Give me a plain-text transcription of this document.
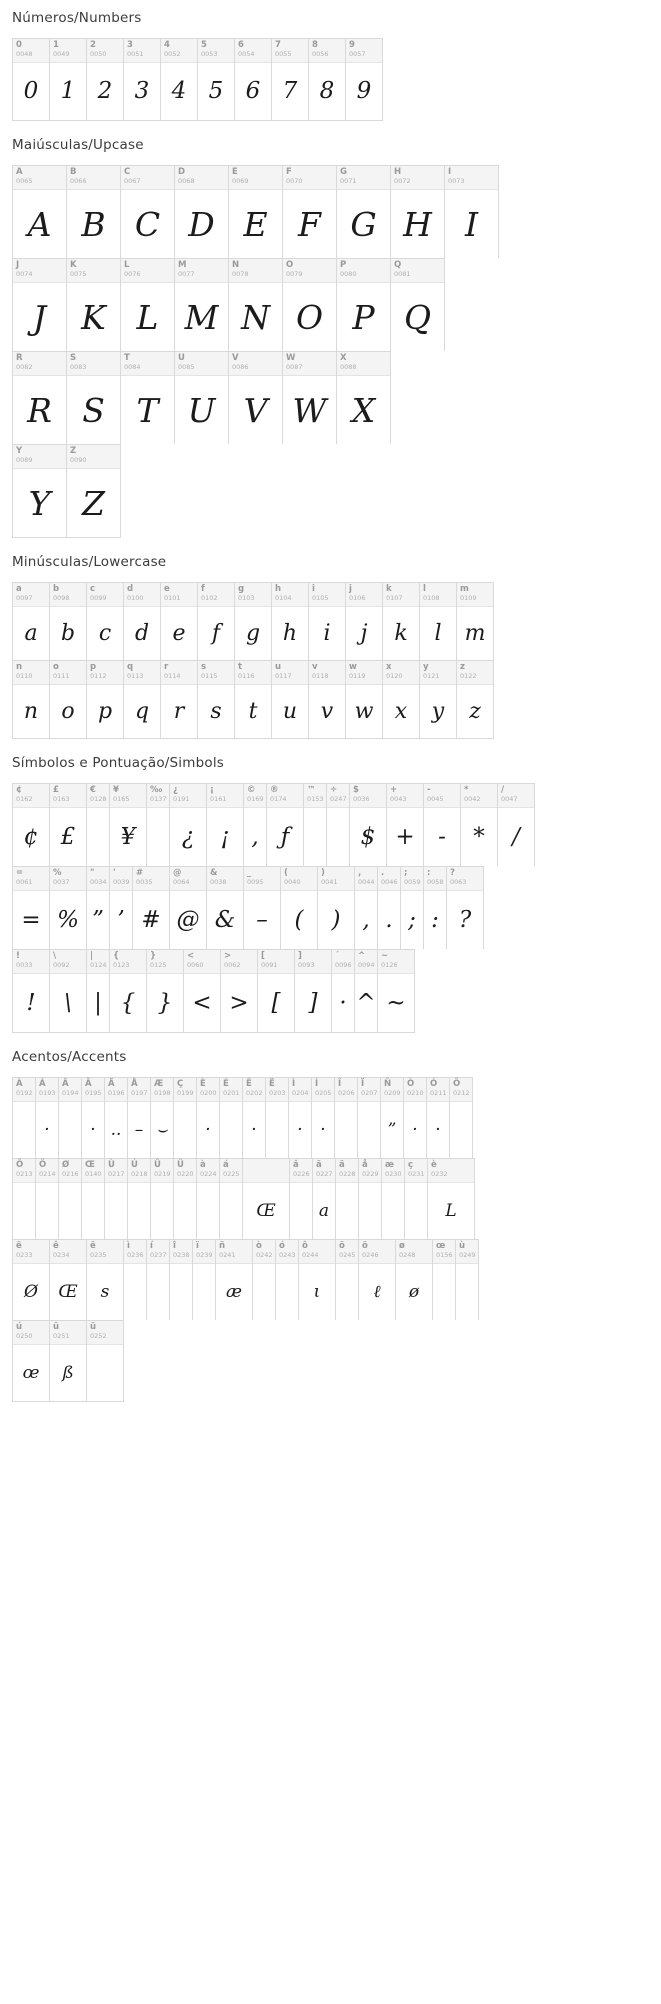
Números/Numbers
0
0048
0
1
0049
1
2
0050
2
3
0051
3
4
0052
4
5
0053
5
6
0054
6
7
0055
7
8
0056
8
9
0057
9
Maiúsculas/Upcase
A
0065
A
B
0066
B
C
0067
C
D
0068
D
E
0069
E
F
0070
F
G
0071
G
H
0072
H
I
0073
I
J
0074
J
K
0075
K
L
0076
L
M
0077
M
N
0078
N
O
0079
O
P
0080
P
Q
0081
Q
R
0082
R
S
0083
S
T
0084
T
U
0085
U
V
0086
V
W
0087
W
X
0088
X
Y
0089
Y
Z
0090
Z
Minúsculas/Lowercase
a
0097
a
b
0098
b
c
0099
c
d
0100
d
e
0101
e
f
0102
f
g
0103
g
h
0104
h
i
0105
i
j
0106
j
k
0107
k
l
0108
l
m
0109
m
n
0110
n
o
0111
o
p
0112
p
q
0113
q
r
0114
r
s
0115
s
t
0116
t
u
0117
u
v
0118
v
w
0119
w
x
0120
x
y
0121
y
z
0122
z
Símbolos e Pontuação/Simbols
¢
0162
¢
£
0163
£
€
0128
¥
0165
¥
‰
0137
¿
0191
¿
¡
0161
¡
©
0169
,
®
0174
ƒ
™
0153
÷
0247
$
0036
$
+
0043
+
-
0045
-
*
0042
*
/
0047
/
=
0061
=
%
0037
%
"
0034
”
'
0039
’
#
0035
#
@
0064
@
&
0038
&
_
0095
–
(
0040
(
)
0041
)
,
0044
,
.
0046
.
;
0059
;
:
0058
:
?
0063
?
!
0033
!
\
0092
\
|
0124
|
{
0123
{
}
0125
}
<
0060
<
>
0062
>
[
0091
[
]
0093
]
´
0096
·
^
0094
^
~
0126
~
Acentos/Accents
À
0192
Á
0193
·
Â
0194
Ã
0195
·
Ä
0196
..
Å
0197
–
Æ
0198
⌣
Ç
0199
È
0200
·
É
0201
Ê
0202
·
Ë
0203
Ì
0204
·
Í
0205
·
Î
0206
Ï
0207
Ñ
0209
”
Ò
0210
·
Ó
0211
·
Ô
0212
Õ
0213
Ö
0214
Ø
0216
Œ
0140
Ù
0217
Ú
0218
Û
0219
Ü
0220
à
0224
á
0225
Œ
â
0226
ã
0227
a
ä
0228
å
0229
æ
0230
ç
0231
è
0232
L
ë
0233
Ø
ê
0234
Œ
ë
0235
s
ì
0236
í
0237
î
0238
ï
0239
ñ
0241
æ
ò
0242
ó
0243
ô
0244
ι
õ
0245
ö
0246
ℓ
ø
0248
ø
œ
0156
ù
0249
ú
0250
œ
û
0251
ß
ü
0252
